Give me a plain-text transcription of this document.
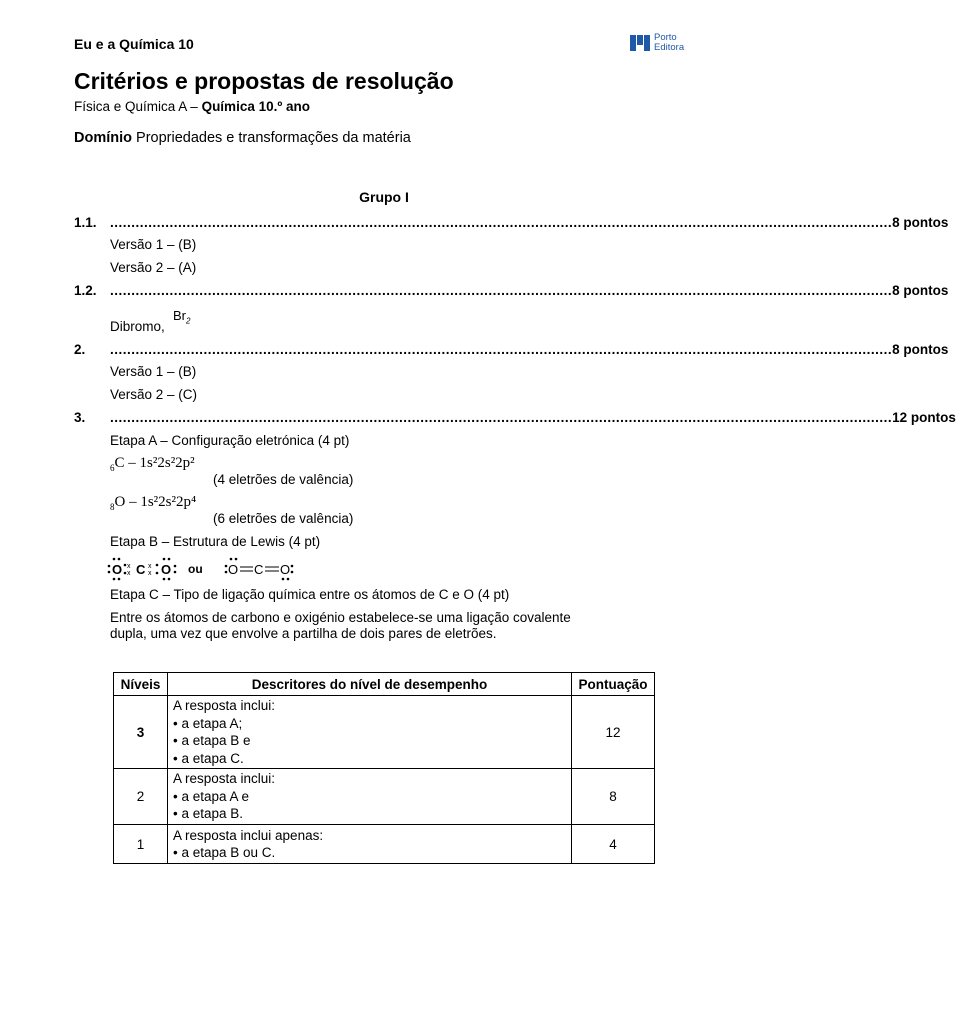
Eu e a Química 10	Porto
Editora
Critérios e propostas de resolução
Física e Química A – Química 10.º ano
Domínio Propriedades e transformações da matéria
Grupo I
1.1. ........................................................................................................................................................................................ 8 pontos
Versão 1 – (B)
Versão 2 – (A)
1.2. ........................................................................................................................................................................................ 8 pontos
$Br_2$
Dibromo,
2.	........................................................................................................................................................................................ 8 pontos
Versão 1 – (B)
Versão 2 – (C)
3.	........................................................................................................................................................................................ 12 pontos
Etapa A – Configuração eletrónica (4 pt)
$_6$C – 1s²2s²2p²
(4 eletrões de valência)
$_8$O – 1s²2s²2p⁴
(6 eletrões de valência)
Etapa B – Estrutura de Lewis (4 pt)
O x
x C x
x O	O C O
ou
Etapa C – Tipo de ligação química entre os átomos de C e O (4 pt)
Entre os átomos de carbono e oxigénio estabelece-se uma ligação covalente dupla, uma vez que envolve a partilha de dois pares de eletrões.
Níveis	Descritores do nível de desempenho	Pontuação
3	A resposta inclui:
• a etapa A;
• a etapa B e
• a etapa C.	12
2	A resposta inclui:
• a etapa A e
• a etapa B.	8
1	A resposta inclui apenas:
• a etapa B ou C.	4
